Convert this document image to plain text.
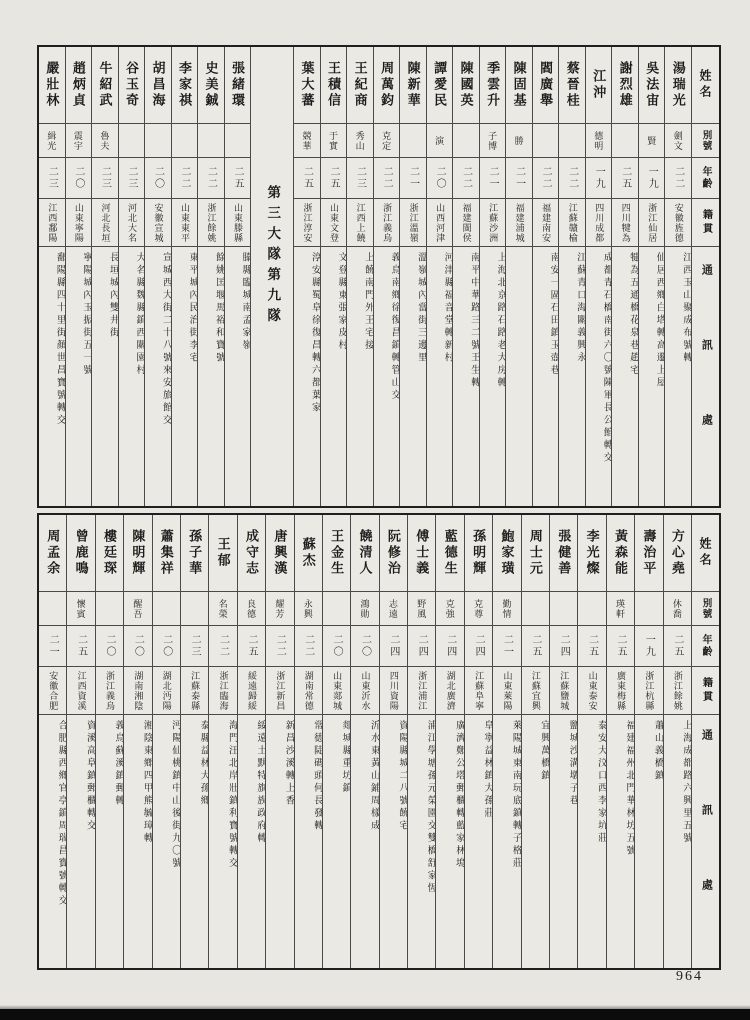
姓名
別號
年齡
籍貫
通訊處
湯瑞光
劍文
二二
安徽旌德
江西玉山聚成布號轉
吳法宙
賢
一九
浙江仙居
仙居西鄉白塔轉高遷上屋
謝烈雄
二五
四川犍為
犍為五通橋花泉巷趙宅
江沖
德明
一九
四川成都
成都青石橋南街六〇號陳軍長公館轉交
蔡晉桂
二二
江蘇贛榆
江蘇青口海關義興永
閻廣舉
二二
福建南安
南安一區石田鎮玉壺巷
陳固基
勝
二一
福建浦城
季雲升
子博
二一
江蘇沙洲
上海北京路石路老大房轉
陳國英
二二
福建閩侯
南平中華路三二號王生轉
譚愛民
演
二〇
山西河津
河津縣福音堂轉新村
陳新華
二一
浙江溫嶺
溫嶺城內當街三邊里
周萬鈞
克定
二二
浙江義烏
義烏南鄉徐復昌鎮轉管山交
王紀商
秀山
二三
江西上饒
上饒南門外王宅接
王積信
于實
二五
山東文登
文登縣東張家皮村
葉大蕃
競華
二五
浙江淳安
淳安縣蜀阜徐復昌轉六都葉家
第三大隊第九隊
張緒環
二五
山東滕縣
滕縣臨城南孟家嶺
史美鋮
二二
浙江餘姚
餘姚匡堰馬裕和寶號
李家祺
二二
山東東平
東平城內民治街李宅
胡昌海
二〇
安徽宣城
宣城西大街二十八號來安旅館交
谷玉奇
二三
河北大名
大名縣魏縣鎮西關園村
牛紹武
魯夫
二三
河北長垣
長垣城內雙井街
趙炳貞
震宇
二〇
山東寧陽
寧陽城內玉振街五一號
嚴壯林
緝光
二三
江西鄱陽
鄱陽縣四十里街顏世昌寶號轉交
姓名
別號
年齡
籍貫
通訊處
方心堯
休喬
二五
浙江餘姚
上海成都路六興里五號
壽治平
一九
浙江杭縣
蕭山義橋鎮
黃森能
瑛軒
二五
廣東梅縣
福建福州北門華林坊五號
李光燦
二五
山東泰安
泰安大汶口西李家坑莊
張健善
二四
江蘇鹽城
鹽城沙溝墩子巷
周士元
二五
江蘇宜興
宜興萬橋鎮
鮑家璜
勤情
二一
山東萊陽
萊陽城東南玩底鎮轉子格莊
孫明輝
克尊
二四
江蘇阜寧
阜寧益林鎮大孫莊
藍德生
克強
二四
湖北廣濟
廣濟鄭公塔郵櫃轉藍家林塢
傅士義
野風
二四
浙江浦江
浦江學塘孫元榮園交雙橋舒家恆
阮修治
志遠
二四
四川資陽
資陽縣城二八號饒宅
饒清人
鴻勛
二〇
山東沂水
沂水東黃山鋪周樣成
王金生
二〇
山東郯城
郯城縣重坊鎮
蘇杰
永興
二二
湖南常德
常德陡碼頭何長發轉
唐興漢
耀芳
二二
浙江新昌
新昌沙溪轉上香
成守志
良德
二五
綏遠歸綏
綏遠土默特旗族政府轉
王郁
名榮
二二
浙江臨海
海門汪北岸壯鎮利寶號轉交
孫子華
二三
江蘇泰縣
泰縣益林大孫鄉
蕭集祥
二〇
湖北沔陽
沔陽仙桃鎮中山後街九〇號
陳明輝
醒吾
二〇
湖南湘陰
湘陰東鄉四甲熊毓璋轉
樓廷琛
二〇
浙江義烏
義烏蘇溪鎮郵轉
曾鹿鳴
懷賓
二五
江西資溪
資溪高阜鎮郵櫃轉交
周孟余
二一
安徽合肥
合肥縣西鄉官亭鎮周瑞昌寶號轉交
964
